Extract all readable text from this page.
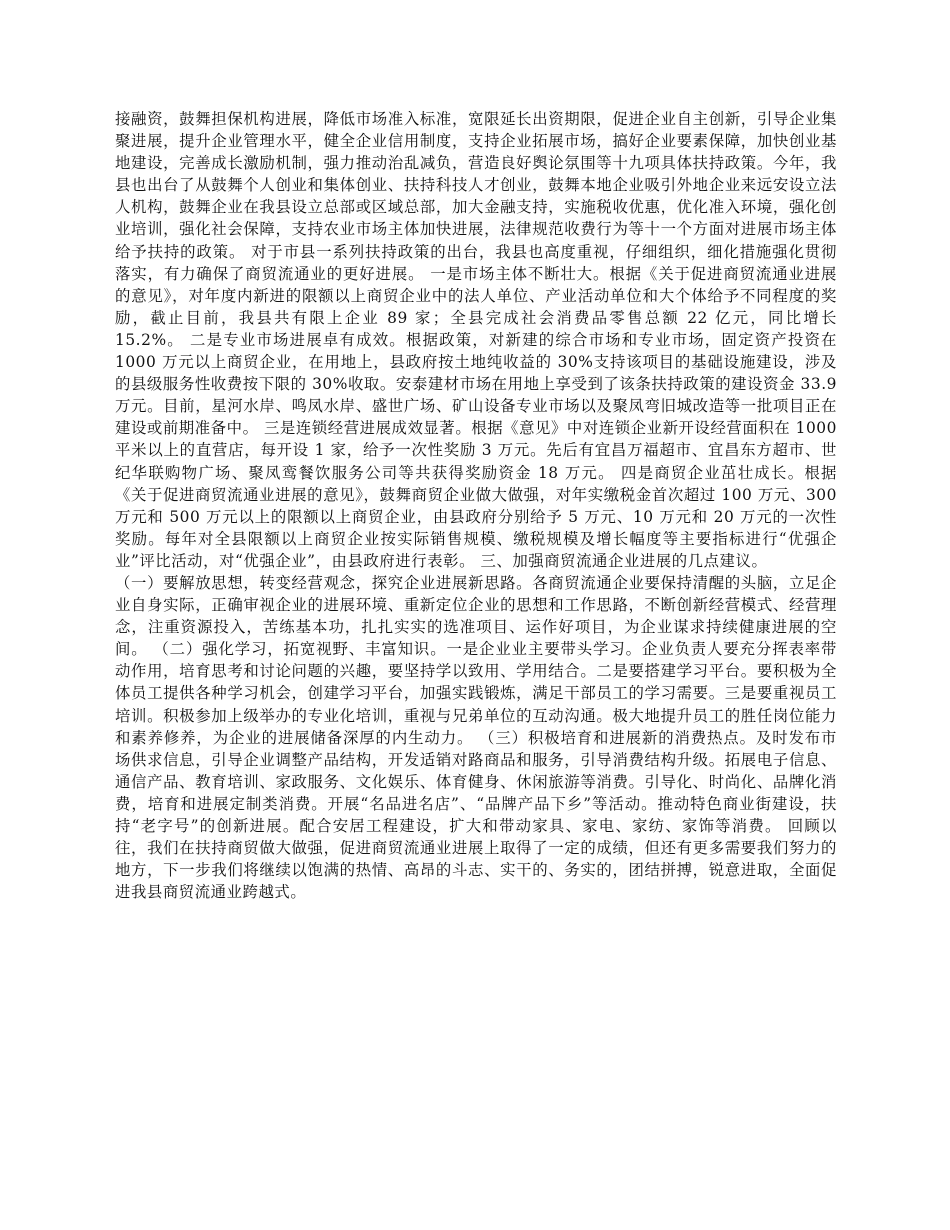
接融资，鼓舞担保机构进展，降低市场准入标准，宽限延长出资期限，促进企业自主创新，引导企业集聚进展，提升企业管理水平，健全企业信用制度，支持企业拓展市场，搞好企业要素保障，加快创业基地建设，完善成长激励机制，强力推动治乱减负，营造良好舆论氛围等十九项具体扶持政策。今年，我县也出台了从鼓舞个人创业和集体创业、扶持科技人才创业，鼓舞本地企业吸引外地企业来远安设立法人机构，鼓舞企业在我县设立总部或区域总部，加大金融支持，实施税收优惠，优化准入环境，强化创业培训，强化社会保障，支持农业市场主体加快进展，法律规范收费行为等十一个方面对进展市场主体给予扶持的政策。 对于市县一系列扶持政策的出台，我县也高度重视，仔细组织，细化措施强化贯彻落实，有力确保了商贸流通业的更好进展。 一是市场主体不断壮大。根据《关于促进商贸流通业进展的意见》，对年度内新进的限额以上商贸企业中的法人单位、产业活动单位和大个体给予不同程度的奖励，截止目前，我县共有限上企业 89 家；全县完成社会消费品零售总额 22 亿元，同比增长 15.2%。 二是专业市场进展卓有成效。根据政策，对新建的综合市场和专业市场，固定资产投资在 1000 万元以上商贸企业，在用地上，县政府按土地纯收益的 30%支持该项目的基础设施建设，涉及的县级服务性收费按下限的 30%收取。安泰建材市场在用地上享受到了该条扶持政策的建设资金 33.9 万元。目前，星河水岸、鸣凤水岸、盛世广场、矿山设备专业市场以及聚凤弯旧城改造等一批项目正在建设或前期准备中。 三是连锁经营进展成效显著。根据《意见》中对连锁企业新开设经营面积在 1000 平米以上的直营店，每开设 1 家，给予一次性奖励 3 万元。先后有宜昌万福超市、宜昌东方超市、世纪华联购物广场、聚凤鸾餐饮服务公司等共获得奖励资金 18 万元。 四是商贸企业茁壮成长。根据《关于促进商贸流通业进展的意见》，鼓舞商贸企业做大做强，对年实缴税金首次超过 100 万元、300 万元和 500 万元以上的限额以上商贸企业，由县政府分别给予 5 万元、10 万元和 20 万元的一次性奖励。每年对全县限额以上商贸企业按实际销售规模、缴税规模及增长幅度等主要指标进行“优强企业”评比活动，对“优强企业”，由县政府进行表彰。 三、加强商贸流通企业进展的几点建议。

（一）要解放思想，转变经营观念，探究企业进展新思路。各商贸流通企业要保持清醒的头脑，立足企业自身实际，正确审视企业的进展环境、重新定位企业的思想和工作思路，不断创新经营模式、经营理念，注重资源投入，苦练基本功，扎扎实实的选准项目、运作好项目，为企业谋求持续健康进展的空间。 （二）强化学习，拓宽视野、丰富知识。一是企业业主要带头学习。企业负责人要充分挥表率带动作用，培育思考和讨论问题的兴趣，要坚持学以致用、学用结合。二是要搭建学习平台。要积极为全体员工提供各种学习机会，创建学习平台，加强实践锻炼，满足干部员工的学习需要。三是要重视员工培训。积极参加上级举办的专业化培训，重视与兄弟单位的互动沟通。极大地提升员工的胜任岗位能力和素养修养，为企业的进展储备深厚的内生动力。 （三）积极培育和进展新的消费热点。及时发布市场供求信息，引导企业调整产品结构，开发适销对路商品和服务，引导消费结构升级。拓展电子信息、通信产品、教育培训、家政服务、文化娱乐、体育健身、休闲旅游等消费。引导化、时尚化、品牌化消费，培育和进展定制类消费。开展“名品进名店”、“品牌产品下乡”等活动。推动特色商业街建设，扶持“老字号”的创新进展。配合安居工程建设，扩大和带动家具、家电、家纺、家饰等消费。 回顾以往，我们在扶持商贸做大做强，促进商贸流通业进展上取得了一定的成绩，但还有更多需要我们努力的地方，下一步我们将继续以饱满的热情、高昂的斗志、实干的、务实的，团结拼搏，锐意进取，全面促进我县商贸流通业跨越式。
